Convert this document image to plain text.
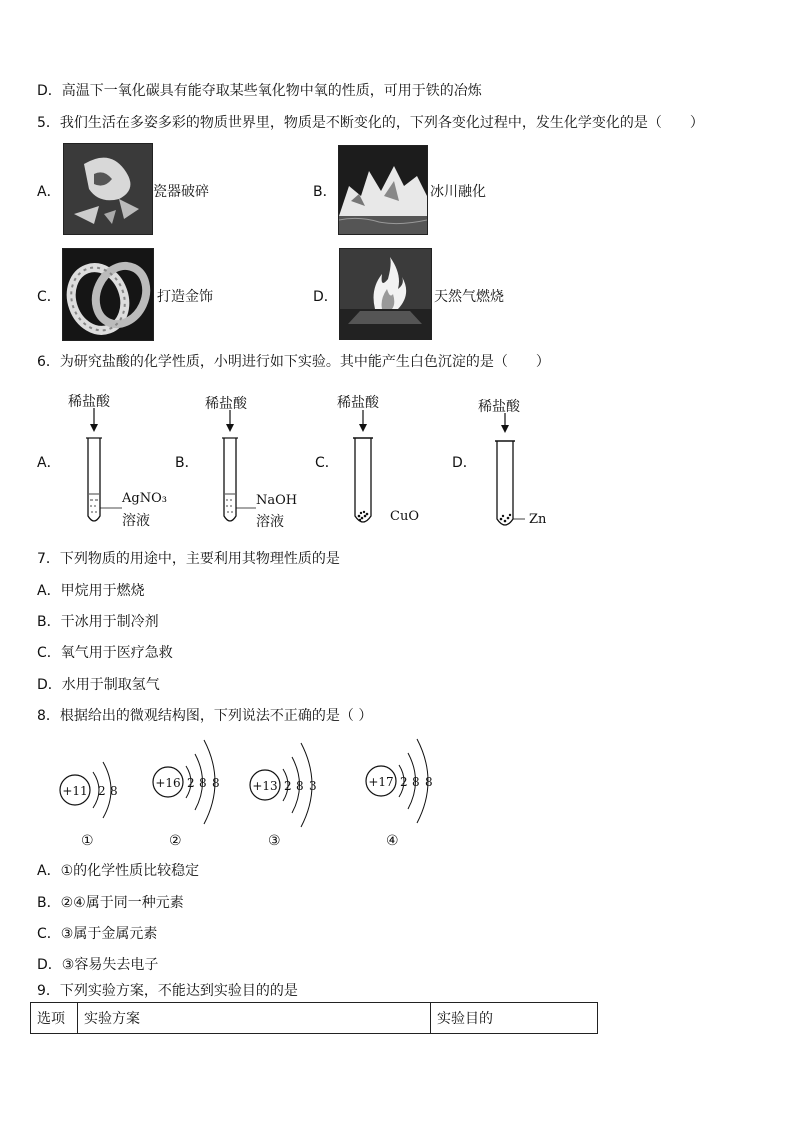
D．高温下一氧化碳具有能夺取某些氧化物中氧的性质，可用于铁的冶炼
5．我们生活在多姿多彩的物质世界里，物质是不断变化的，下列各变化过程中，发生化学变化的是（　　）
A．	瓷器破碎	B．	冰川融化
C．	打造金饰	D．	天然气燃烧
6．为研究盐酸的化学性质，小明进行如下实验。其中能产生白色沉淀的是（　　）
稀盐酸
A．
AgNO₃
溶液
稀盐酸
B．
NaOH
溶液
稀盐酸
C．
CuO
稀盐酸
D．
Zn
7．下列物质的用途中，主要利用其物理性质的是
A．甲烷用于燃烧
B．干冰用于制冷剂
C．氧气用于医疗急救
D．水用于制取氢气
8．根据给出的微观结构图，下列说法不正确的是（ ）
+11 2 8
①
+16 2 8 8
②
+13 2 8 3
③
+17 2 8 8
④
A．①的化学性质比较稳定
B．②④属于同一种元素
C．③属于金属元素
D．③容易失去电子
9．下列实验方案，不能达到实验目的的是
选项	实验方案	实验目的
